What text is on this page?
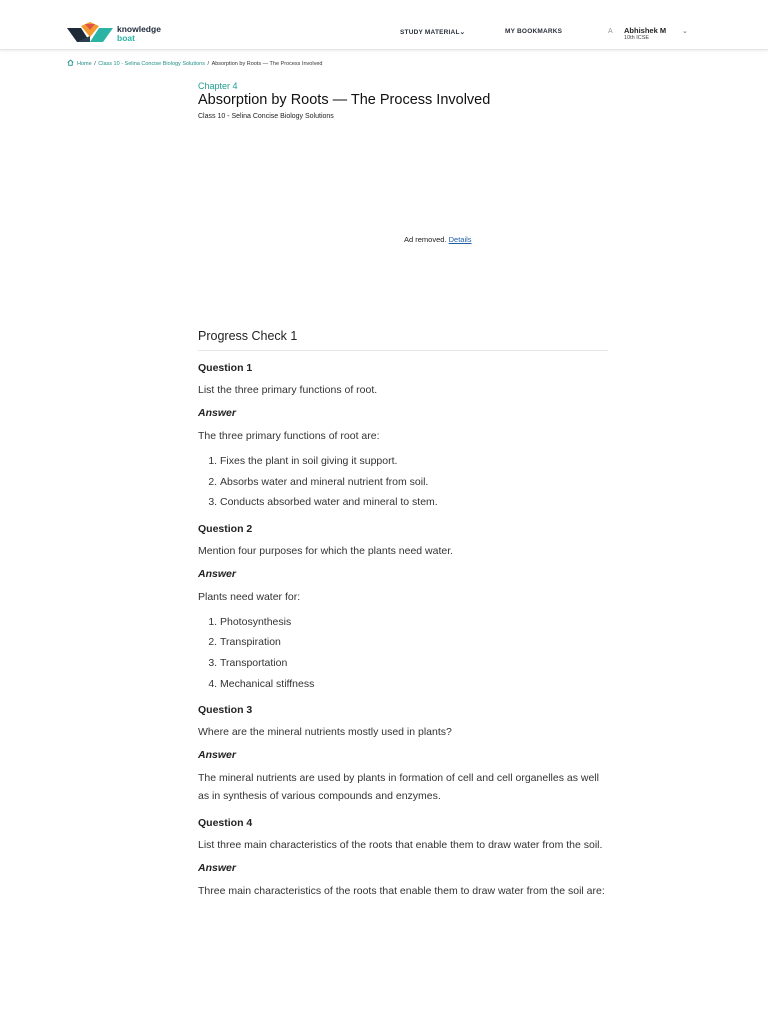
knowledge
boat
STUDY MATERIAL⌄	MY BOOKMARKS	A Abhishek M
10th ICSE
⌄
Home / Class 10 - Selina Concise Biology Solutions / Absorption by Roots — The Process Involved
Chapter 4
Absorption by Roots — The Process Involved
Class 10 - Selina Concise Biology Solutions
Ad removed. Details
Progress Check 1
Question 1
List the three primary functions of root.
Answer
The three primary functions of root are:
1. Fixes the plant in soil giving it support.
2. Absorbs water and mineral nutrient from soil.
3. Conducts absorbed water and mineral to stem.
Question 2
Mention four purposes for which the plants need water.
Answer
Plants need water for:
1. Photosynthesis
2. Transpiration
3. Transportation
4. Mechanical stiffness
Question 3
Where are the mineral nutrients mostly used in plants?
Answer
The mineral nutrients are used by plants in formation of cell and cell organelles as well as in synthesis of various compounds and enzymes.
Question 4
List three main characteristics of the roots that enable them to draw water from the soil.
Answer
Three main characteristics of the roots that enable them to draw water from the soil are:
